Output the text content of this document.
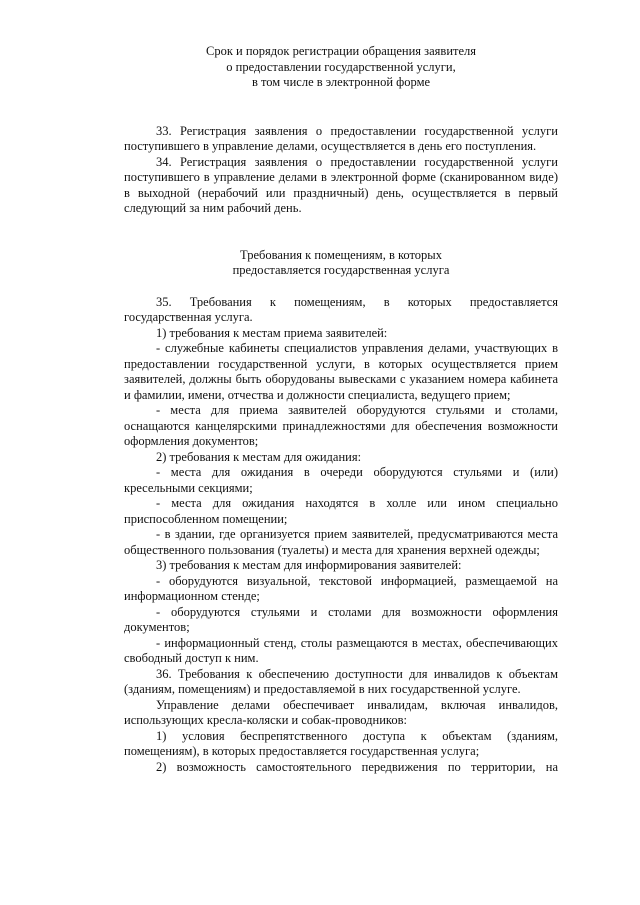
Срок и порядок регистрации обращения заявителя
о предоставлении государственной услуги,
в том числе в электронной форме

33. Регистрация заявления о предоставлении государственной услуги поступившего в управление делами, осуществляется в день его поступления.

34. Регистрация заявления о предоставлении государственной услуги поступившего в управление делами в электронной форме (сканированном виде) в выходной (нерабочий или праздничный) день, осуществляется в первый следующий за ним рабочий день.

Требования к помещениям, в которых
предоставляется государственная услуга

35. Требования к помещениям, в которых предоставляется государственная услуга.

1) требования к местам приема заявителей:

- служебные кабинеты специалистов управления делами, участвующих в предоставлении государственной услуги, в которых осуществляется прием заявителей, должны быть оборудованы вывесками с указанием номера кабинета и фамилии, имени, отчества и должности специалиста, ведущего прием;

- места для приема заявителей оборудуются стульями и столами, оснащаются канцелярскими принадлежностями для обеспечения возможности оформления документов;

2) требования к местам для ожидания:

- места для ожидания в очереди оборудуются стульями и (или) кресельными секциями;

- места для ожидания находятся в холле или ином специально приспособленном помещении;

- в здании, где организуется прием заявителей, предусматриваются места общественного пользования (туалеты) и места для хранения верхней одежды;

3) требования к местам для информирования заявителей:

- оборудуются визуальной, текстовой информацией, размещаемой на информационном стенде;

- оборудуются стульями и столами для возможности оформления документов;

- информационный стенд, столы размещаются в местах, обеспечивающих свободный доступ к ним.

36. Требования к обеспечению доступности для инвалидов к объектам (зданиям, помещениям) и предоставляемой в них государственной услуге.

Управление делами обеспечивает инвалидам, включая инвалидов, использующих кресла-коляски и собак-проводников:

1) условия беспрепятственного доступа к объектам (зданиям, помещениям), в которых предоставляется государственная услуга;

2) возможность самостоятельного передвижения по территории, на
